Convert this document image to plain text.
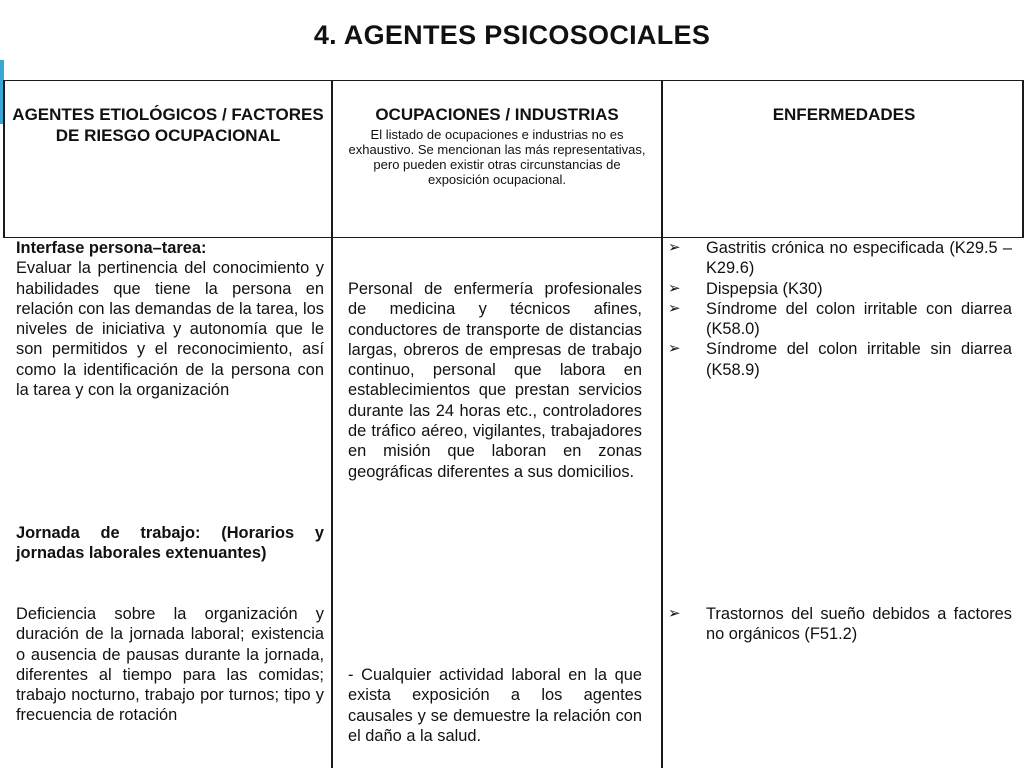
4. AGENTES PSICOSOCIALES
AGENTES ETIOLÓGICOS / FACTORES DE RIESGO OCUPACIONAL
OCUPACIONES / INDUSTRIAS
El listado de ocupaciones e industrias no es exhaustivo. Se mencionan las más representativas, pero pueden existir otras circunstancias de exposición ocupacional.
ENFERMEDADES
Interfase persona–tarea:
Evaluar la pertinencia del conocimiento y habilidades que tiene la persona en relación con las demandas de la tarea, los niveles de iniciativa y autonomía que le son permitidos y el reconocimiento, así como la identificación de la persona con la tarea y con la organización
Jornada de trabajo: (Horarios y jornadas laborales extenuantes)
Deficiencia sobre la organización y duración de la jornada laboral; existencia o ausencia de pausas durante la jornada, diferentes al tiempo para las comidas; trabajo nocturno, trabajo por turnos; tipo y frecuencia de rotación
Personal de enfermería profesionales de medicina y técnicos afines, conductores de transporte de distancias largas, obreros de empresas de trabajo continuo, personal que labora en establecimientos que prestan servicios durante las 24 horas etc., controladores de tráfico aéreo, vigilantes, trabajadores en misión que laboran en zonas geográficas diferentes a sus domicilios.
- Cualquier actividad laboral en la que exista exposición a los agentes causales y se demuestre la relación con el daño a la salud.
➢ Gastritis crónica no especificada (K29.5 – K29.6)
➢ Dispepsia (K30)
➢ Síndrome del colon irritable con diarrea (K58.0)
➢ Síndrome del colon irritable sin diarrea (K58.9)
➢ Trastornos del sueño debidos a factores no orgánicos (F51.2)
